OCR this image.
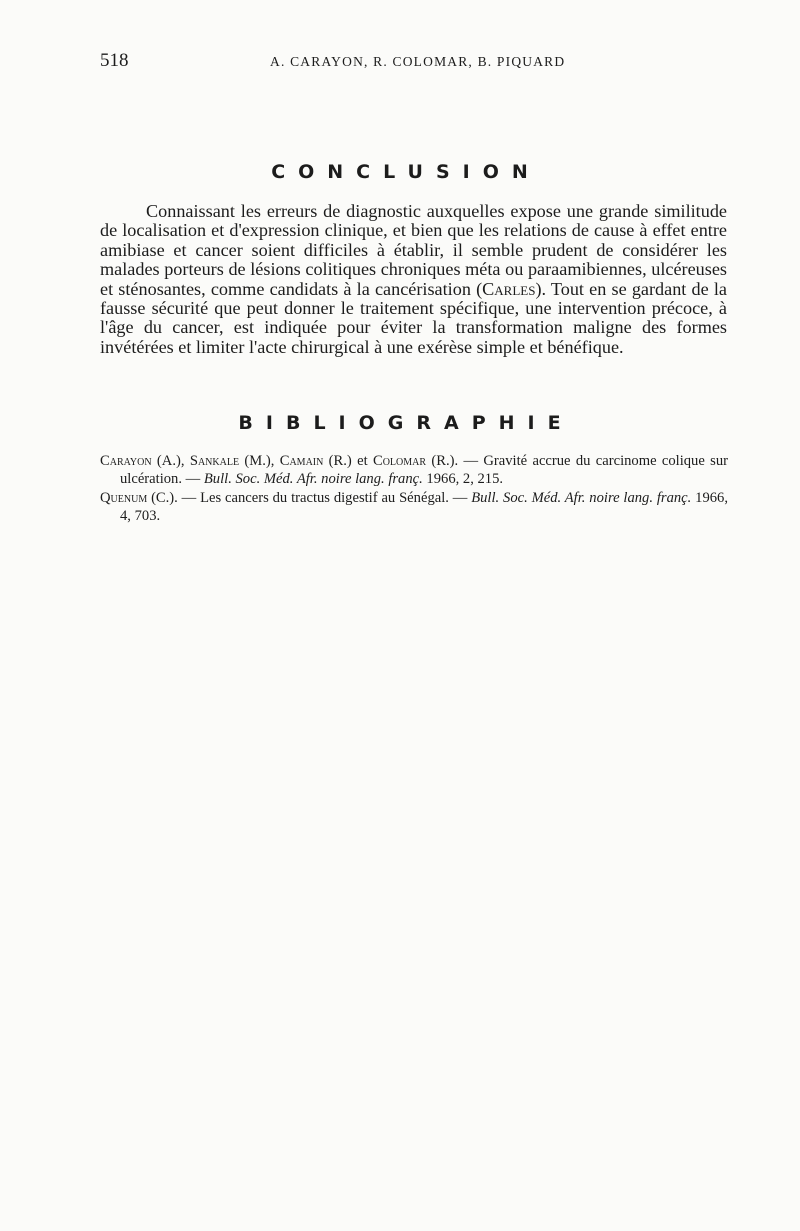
518	A. CARAYON, R. COLOMAR, B. PIQUARD
CONCLUSION

Connaissant les erreurs de diagnostic auxquelles expose une grande similitude de localisation et d'expression clinique, et bien que les relations de cause à effet entre amibiase et cancer soient difficiles à établir, il semble prudent de considérer les malades porteurs de lésions colitiques chroniques méta ou paraamibiennes, ulcéreuses et sténosantes, comme candidats à la cancérisation (Carles). Tout en se gardant de la fausse sécurité que peut donner le traitement spécifique, une intervention précoce, à l'âge du cancer, est indiquée pour éviter la transformation maligne des formes invétérées et limiter l'acte chirurgical à une exérèse simple et bénéfique.

BIBLIOGRAPHIE
Carayon (A.), Sankale (M.), Camain (R.) et Colomar (R.). — Gravité accrue du carcinome colique sur ulcération. — Bull. Soc. Méd. Afr. noire lang. franç. 1966, 2, 215.
Quenum (C.). — Les cancers du tractus digestif au Sénégal. — Bull. Soc. Méd. Afr. noire lang. franç. 1966, 4, 703.
